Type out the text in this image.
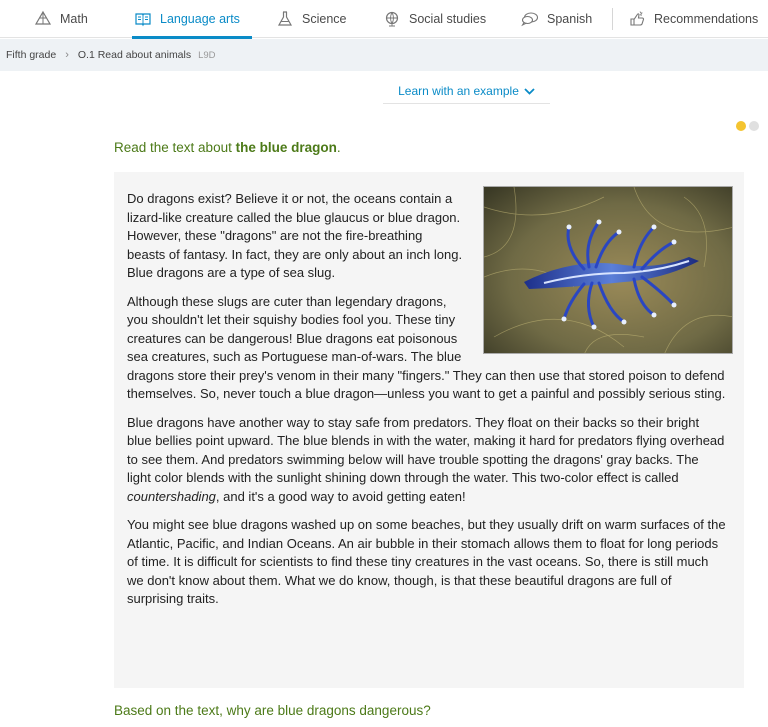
Math	Language arts	Science	Social studies	Spanish	Recommendations
Fifth grade › O.1 Read about animals L9D
Learn with an example
Read the text about the blue dragon.

Do dragons exist? Believe it or not, the oceans contain a lizard-like creature called the blue glaucus or blue dragon. However, these "dragons" are not the fire-breathing beasts of fantasy. In fact, they are only about an inch long. Blue dragons are a type of sea slug.

Although these slugs are cuter than legendary dragons, you shouldn't let their squishy bodies fool you. These tiny creatures can be dangerous! Blue dragons eat poisonous sea creatures, such as Portuguese man-of-wars. The blue dragons store their prey's venom in their many "fingers." They can then use that stored poison to defend themselves. So, never touch a blue dragon—unless you want to get a painful and possibly serious sting.

Blue dragons have another way to stay safe from predators. They float on their backs so their bright blue bellies point upward. The blue blends in with the water, making it hard for predators flying overhead to see them. And predators swimming below will have trouble spotting the dragons' gray backs. The light color blends with the sunlight shining down through the water. This two-color effect is called countershading, and it's a good way to avoid getting eaten!

You might see blue dragons washed up on some beaches, but they usually drift on warm surfaces of the Atlantic, Pacific, and Indian Oceans. An air bubble in their stomach allows them to float for long periods of time. It is difficult for scientists to find these tiny creatures in the vast oceans. So, there is still much we don't know about them. What we do know, though, is that these beautiful dragons are full of surprising traits.

Based on the text, why are blue dragons dangerous?
